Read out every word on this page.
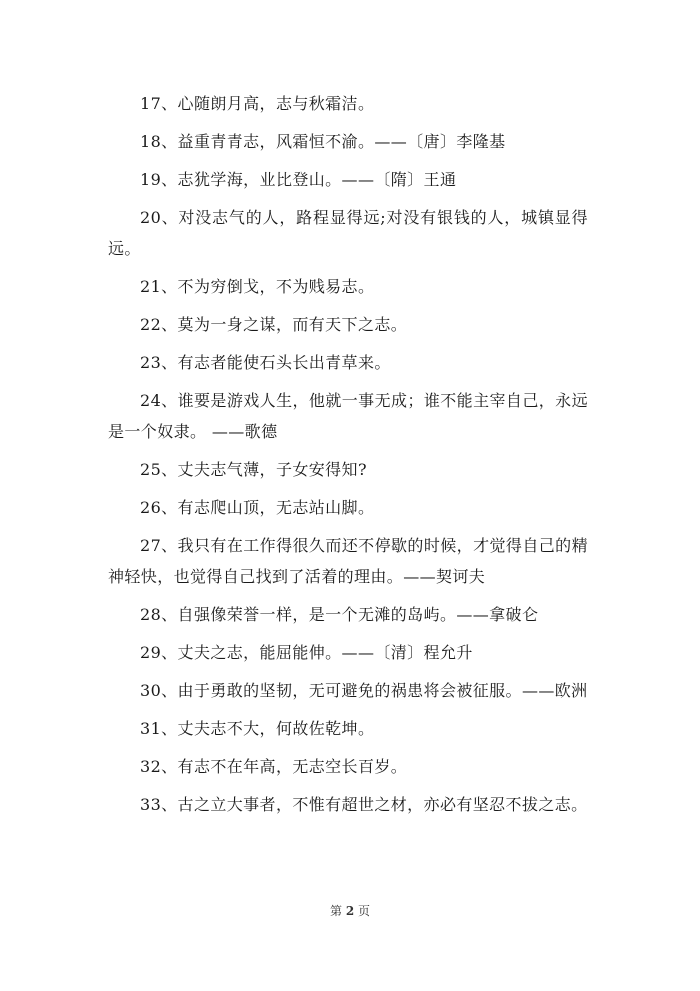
17、心随朗月高，志与秋霜洁。

18、益重青青志，风霜恒不渝。——〔唐〕李隆基

19、志犹学海，业比登山。——〔隋〕王通

20、对没志气的人，路程显得远;对没有银钱的人，城镇显得远。

21、不为穷倒戈，不为贱易志。

22、莫为一身之谋，而有天下之志。

23、有志者能使石头长出青草来。

24、谁要是游戏人生，他就一事无成；谁不能主宰自己，永远是一个奴隶。 ——歌德

25、丈夫志气薄，子女安得知?

26、有志爬山顶，无志站山脚。

27、我只有在工作得很久而还不停歇的时候，才觉得自己的精神轻快，也觉得自己找到了活着的理由。——契诃夫

28、自强像荣誉一样，是一个无滩的岛屿。——拿破仑

29、丈夫之志，能屈能伸。——〔清〕程允升

30、由于勇敢的坚韧，无可避免的祸患将会被征服。——欧洲

31、丈夫志不大，何故佐乾坤。

32、有志不在年高，无志空长百岁。

33、古之立大事者，不惟有超世之材，亦必有坚忍不拔之志。

第 2 页
